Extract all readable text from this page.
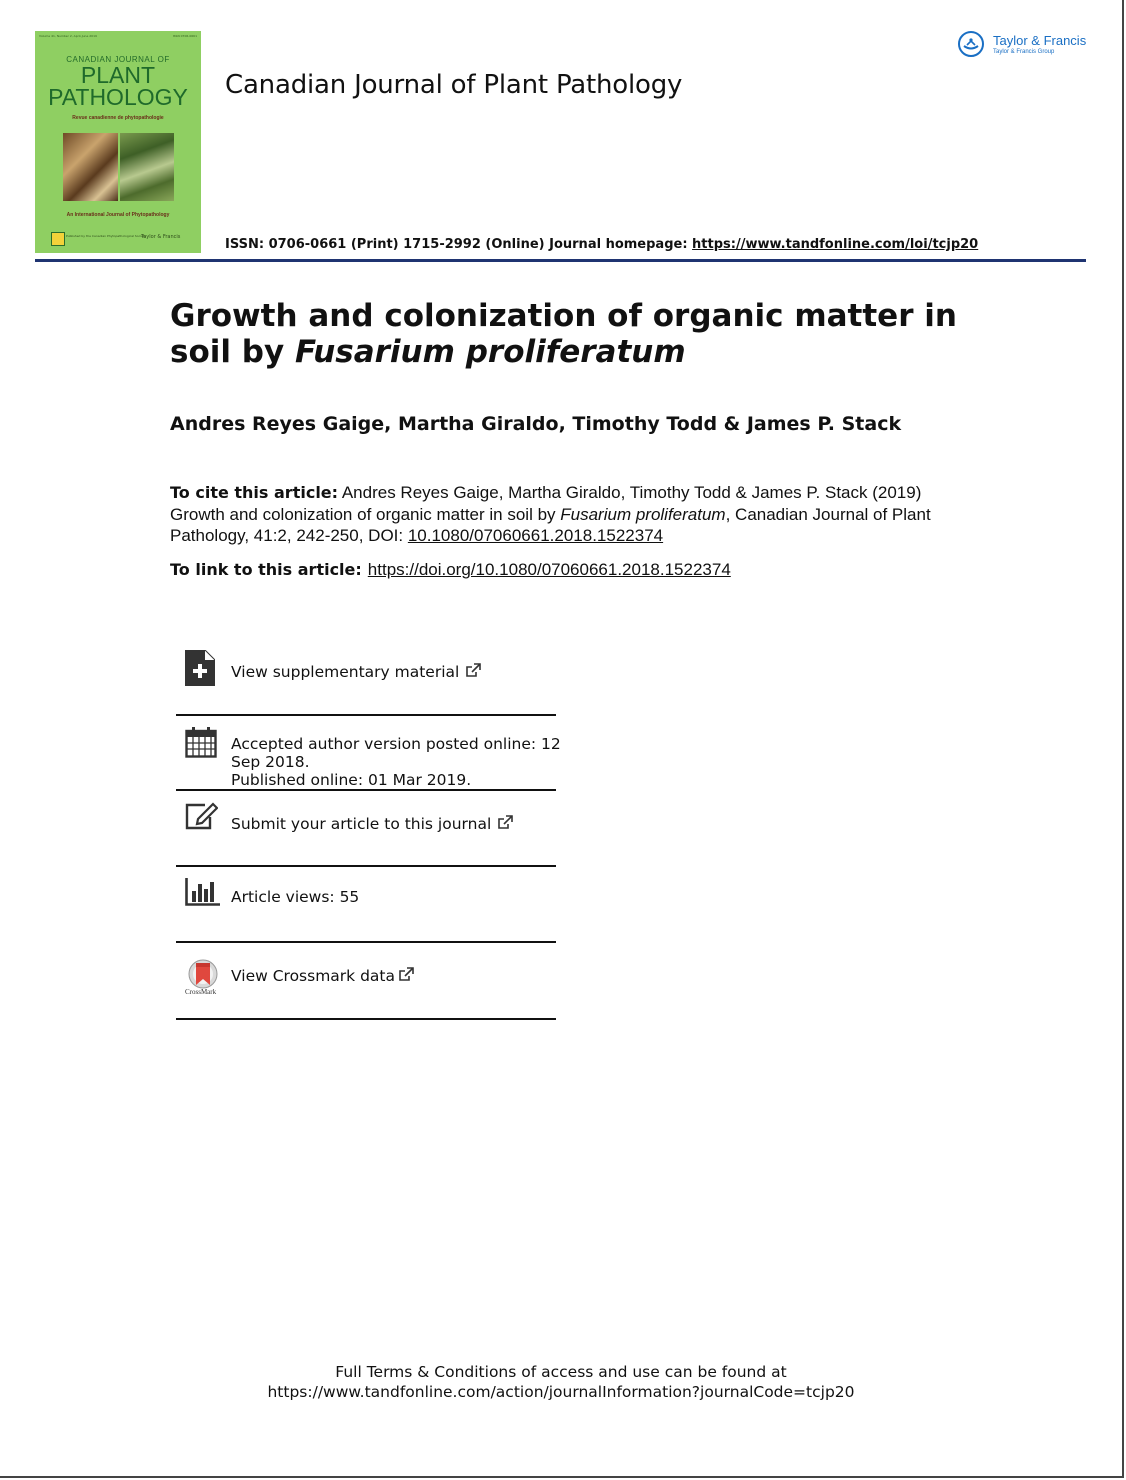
Volume 41, Number 2, April-June 2019	ISSN 0706-0661
CANADIAN JOURNAL OF
PLANT
PATHOLOGY
Revue canadienne de phytopathologie
An International Journal of Phytopathology
Published by the Canadian Phytopathological Society
Taylor & Francis
Canadian Journal of Plant Pathology
Taylor & Francis
Taylor & Francis Group
ISSN: 0706-0661 (Print) 1715-2992 (Online) Journal homepage: https://www.tandfonline.com/loi/tcjp20
Growth and colonization of organic matter in soil by Fusarium proliferatum
Andres Reyes Gaige, Martha Giraldo, Timothy Todd & James P. Stack
To cite this article: Andres Reyes Gaige, Martha Giraldo, Timothy Todd & James P. Stack (2019) Growth and colonization of organic matter in soil by Fusarium proliferatum, Canadian Journal of Plant Pathology, 41:2, 242-250, DOI: 10.1080/07060661.2018.1522374
To link to this article: https://doi.org/10.1080/07060661.2018.1522374
View supplementary material
Accepted author version posted online: 12
Sep 2018.
Published online: 01 Mar 2019.
Submit your article to this journal
Article views: 55
CrossMark
View Crossmark data
Full Terms & Conditions of access and use can be found at
https://www.tandfonline.com/action/journalInformation?journalCode=tcjp20
